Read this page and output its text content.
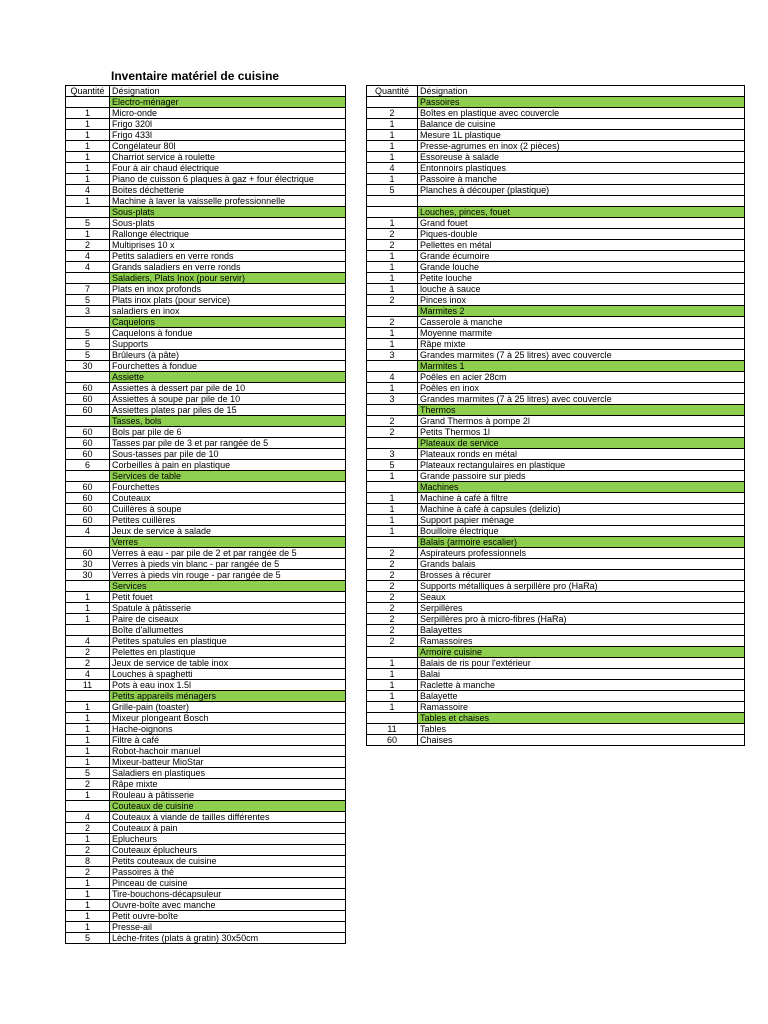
Inventaire matériel de cuisine
Quantité	Désignation
	Electro-ménager
1	Micro-onde
1	Frigo 320l
1	Frigo 433l
1	Congélateur 80l
1	Charriot service à roulette
1	Four à air chaud électrique
1	Piano de cuisson 6 plaques à gaz + four électrique
4	Boites déchetterie
1	Machine à laver la vaisselle professionnelle
	Sous-plats
5	Sous-plats
1	Rallonge électrique
2	Multiprises 10 x
4	Petits saladiers en verre ronds
4	Grands saladiers en verre ronds
	Saladiers, Plats Inox (pour servir)
7	Plats en inox profonds
5	Plats inox plats (pour service)
3	saladiers en inox
	Caquelons
5	Caquelons à fondue
5	Supports
5	Brûleurs (à pâte)
30	Fourchettes à fondue
	Assiette
60	Assiettes à dessert par pile de 10
60	Assiettes à soupe par pile de 10
60	Assiettes plates par piles de 15
	Tasses, bols
60	Bols par pile de 6
60	Tasses par pile de 3 et par rangée de 5
60	Sous-tasses par pile de 10
6	Corbeilles à pain en plastique
	Services de table
60	Fourchettes
60	Couteaux
60	Cuillères à soupe
60	Petites cuillères
4	Jeux de service à salade
	Verres
60	Verres à eau - par pile de 2 et par rangée de 5
30	Verres à pieds vin blanc - par rangée de 5
30	Verres à pieds vin rouge - par rangée de 5
	Services
1	Petit fouet
1	Spatule à pâtisserie
1	Paire de ciseaux
	Boîte d'allumettes
4	Petites spatules en plastique
2	Pelettes en plastique
2	Jeux de service de table inox
4	Louches à spaghetti
11	Pots à eau inox 1.5l
	Petits appareils ménagers
1	Grille-pain (toaster)
1	Mixeur plongeant Bosch
1	Hache-oignons
1	Filtre à café
1	Robot-hachoir manuel
1	Mixeur-batteur MioStar
5	Saladiers en plastiques
2	Râpe mixte
1	Rouleau à pâtisserie
	Couteaux de cuisine
4	Couteaux à viande de tailles différentes
2	Couteaux à pain
1	Eplucheurs
2	Couteaux éplucheurs
8	Petits couteaux de cuisine
2	Passoires à thé
1	Pinceau de cuisine
1	Tire-bouchons-décapsuleur
1	Ouvre-boîte avec manche
1	Petit ouvre-boîte
1	Presse-ail
5	Lèche-frites (plats à gratin) 30x50cm
Quantité	Désignation
	Passoires
2	Boîtes en plastique avec couvercle
1	Balance de cuisine
1	Mesure 1L plastique
1	Presse-agrumes en inox (2 pièces)
1	Essoreuse à salade
4	Entonnoirs plastiques
1	Passoire à manche
5	Planches à découper (plastique)

	Louches, pinces, fouet
1	Grand fouet
2	Piques-double
2	Pellettes en métal
1	Grande écumoire
1	Grande louche
1	Petite louche
1	louche à sauce
2	Pinces inox
	Marmites 2
2	Casserole à manche
1	Moyenne marmite
1	Râpe mixte
3	Grandes marmites (7 à 25 litres) avec couvercle
	Marmites 1
4	Poêles en acier 28cm
1	Poêles en inox
3	Grandes marmites (7 à 25 litres) avec couvercle
	Thermos
2	Grand Thermos à pompe 2l
2	Petits Thermos 1l
	Plateaux de service
3	Plateaux ronds en métal
5	Plateaux rectangulaires en plastique
1	Grande passoire sur pieds
	Machines
1	Machine à café à filtre
1	Machine à café à capsules (delizio)
1	Support papier ménage
1	Bouilloire électrique
	Balais (armoire escalier)
2	Aspirateurs professionnels
2	Grands balais
2	Brosses à récurer
2	Supports métalliques à serpillère pro (HaRa)
2	Seaux
2	Serpillères
2	Serpillères pro à micro-fibres (HaRa)
2	Balayettes
2	Ramassoires
	Armoire cuisine
1	Balais de ris pour l'extérieur
1	Balai
1	Raclette à manche
1	Balayette
1	Ramassoire
	Tables et chaises
11	Tables
60	Chaises
